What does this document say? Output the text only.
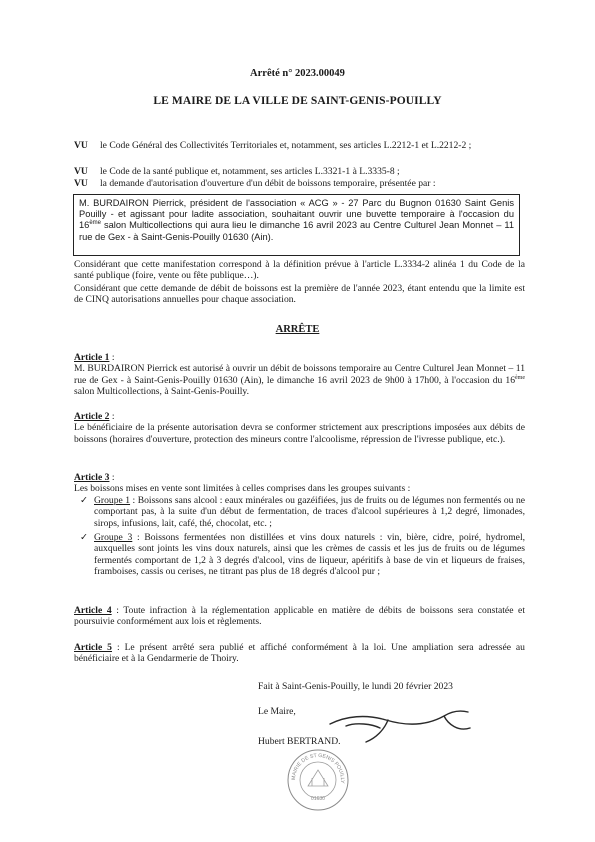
Arrêté n° 2023.00049
LE MAIRE DE LA VILLE DE SAINT-GENIS-POUILLY
VU	le Code Général des Collectivités Territoriales et, notamment, ses articles L.2212-1 et L.2212-2 ;
VU	le Code de la santé publique et, notamment, ses articles L.3321-1 à L.3335-8 ;
VU	la demande d'autorisation d'ouverture d'un débit de boissons temporaire, présentée par :
M. BURDAIRON Pierrick, président de l'association « ACG » - 27 Parc du Bugnon 01630 Saint Genis Pouilly - et agissant pour ladite association, souhaitant ouvrir une buvette temporaire à l'occasion du 16ème salon Multicollections qui aura lieu le dimanche 16 avril 2023 au Centre Culturel Jean Monnet – 11 rue de Gex - à Saint-Genis-Pouilly 01630 (Ain).
Considérant que cette manifestation correspond à la définition prévue à l'article L.3334-2 alinéa 1 du Code de la santé publique (foire, vente ou fête publique…).
Considérant que cette demande de débit de boissons est la première de l'année 2023, étant entendu que la limite est de CINQ autorisations annuelles pour chaque association.
ARRÊTE
Article 1 :
M. BURDAIRON Pierrick est autorisé à ouvrir un débit de boissons temporaire au Centre Culturel Jean Monnet – 11 rue de Gex - à Saint-Genis-Pouilly 01630 (Ain), le dimanche 16 avril 2023 de 9h00 à 17h00, à l'occasion du 16ème salon Multicollections, à Saint-Genis-Pouilly.
Article 2 :
Le bénéficiaire de la présente autorisation devra se conformer strictement aux prescriptions imposées aux débits de boissons (horaires d'ouverture, protection des mineurs contre l'alcoolisme, répression de l'ivresse publique, etc.).
Article 3 :
Les boissons mises en vente sont limitées à celles comprises dans les groupes suivants :
✓ Groupe 1 : Boissons sans alcool : eaux minérales ou gazéifiées, jus de fruits ou de légumes non fermentés ou ne comportant pas, à la suite d'un début de fermentation, de traces d'alcool supérieures à 1,2 degré, limonades, sirops, infusions, lait, café, thé, chocolat, etc. ;
✓ Groupe 3 : Boissons fermentées non distillées et vins doux naturels : vin, bière, cidre, poiré, hydromel, auxquelles sont joints les vins doux naturels, ainsi que les crèmes de cassis et les jus de fruits ou de légumes fermentés comportant de 1,2 à 3 degrés d'alcool, vins de liqueur, apéritifs à base de vin et liqueurs de fraises, framboises, cassis ou cerises, ne titrant pas plus de 18 degrés d'alcool pur ;
Article 4 : Toute infraction à la réglementation applicable en matière de débits de boissons sera constatée et poursuivie conformément aux lois et règlements.
Article 5 : Le présent arrêté sera publié et affiché conformément à la loi. Une ampliation sera adressée au bénéficiaire et à la Gendarmerie de Thoiry.
Fait à Saint-Genis-Pouilly, le lundi 20 février 2023
Le Maire,
Hubert BERTRAND.
MAIRIE DE ST GENIS POUILLY
01630
